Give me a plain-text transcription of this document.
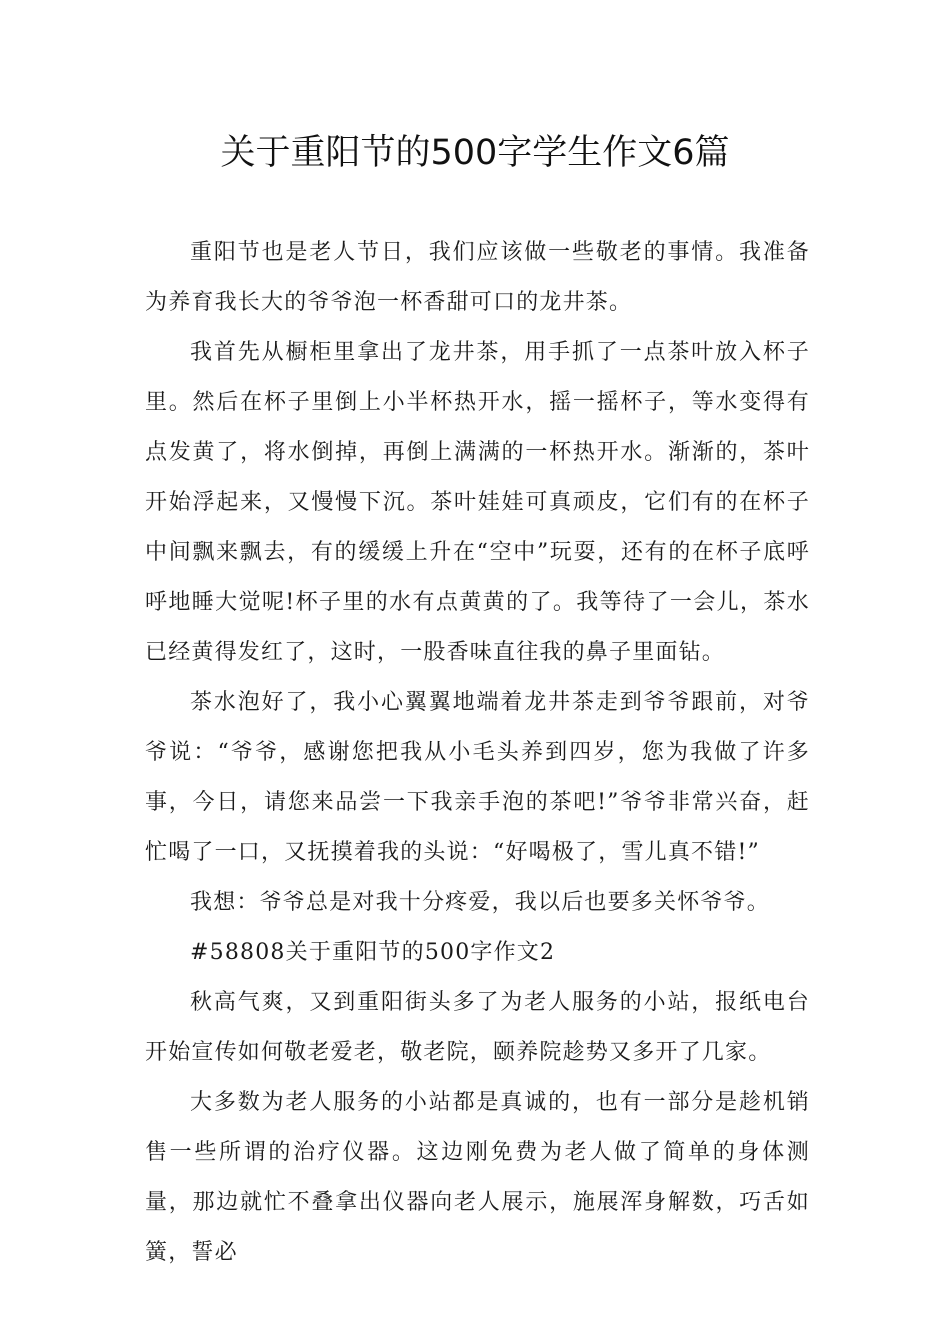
关于重阳节的500字学生作文6篇

重阳节也是老人节日，我们应该做一些敬老的事情。我准备为养育我长大的爷爷泡一杯香甜可口的龙井茶。

我首先从橱柜里拿出了龙井茶，用手抓了一点茶叶放入杯子里。然后在杯子里倒上小半杯热开水，摇一摇杯子，等水变得有点发黄了，将水倒掉，再倒上满满的一杯热开水。渐渐的，茶叶开始浮起来，又慢慢下沉。茶叶娃娃可真顽皮，它们有的在杯子中间飘来飘去，有的缓缓上升在“空中”玩耍，还有的在杯子底呼呼地睡大觉呢!杯子里的水有点黄黄的了。我等待了一会儿，茶水已经黄得发红了，这时，一股香味直往我的鼻子里面钻。

茶水泡好了，我小心翼翼地端着龙井茶走到爷爷跟前，对爷爷说：“爷爷，感谢您把我从小毛头养到四岁，您为我做了许多事，今日，请您来品尝一下我亲手泡的茶吧!”爷爷非常兴奋，赶忙喝了一口，又抚摸着我的头说：“好喝极了，雪儿真不错!”

我想：爷爷总是对我十分疼爱，我以后也要多关怀爷爷。

#58808关于重阳节的500字作文2

秋高气爽，又到重阳街头多了为老人服务的小站，报纸电台开始宣传如何敬老爱老，敬老院，颐养院趁势又多开了几家。

大多数为老人服务的小站都是真诚的，也有一部分是趁机销售一些所谓的治疗仪器。这边刚免费为老人做了简单的身体测量，那边就忙不叠拿出仪器向老人展示，施展浑身解数，巧舌如簧，誓必
